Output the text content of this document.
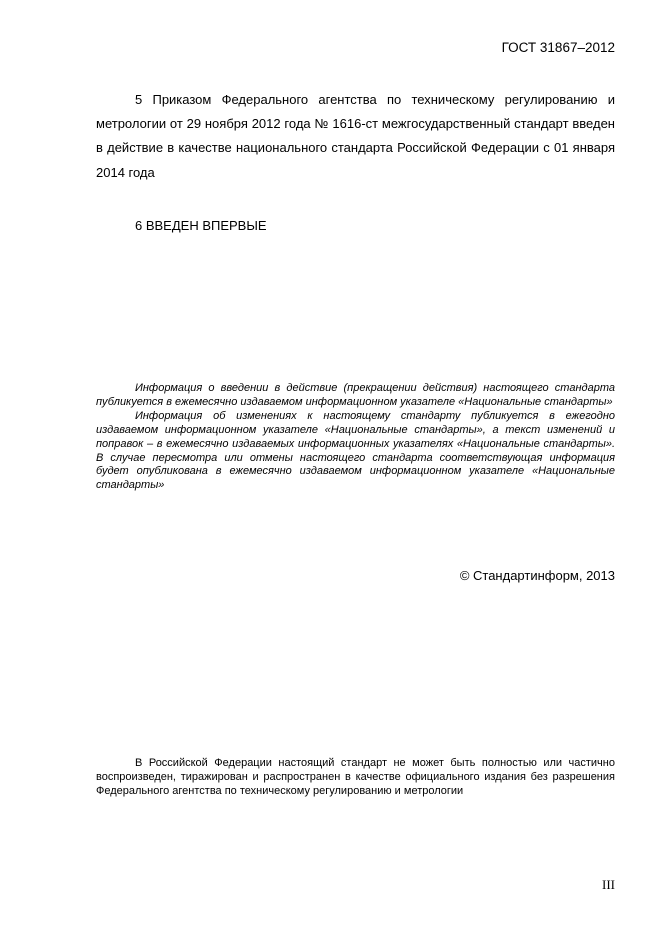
ГОСТ 31867–2012

5 Приказом Федерального агентства по техническому регулированию и метрологии от 29 ноября 2012 года № 1616-ст межгосударственный стандарт введен в действие в качестве национального стандарта Российской Федерации с 01 января 2014 года

6 ВВЕДЕН ВПЕРВЫЕ

Информация о введении в действие (прекращении действия) настоящего стандарта публикуется в ежемесячно издаваемом информационном указателе «Национальные стандарты»

Информация об изменениях к настоящему стандарту публикуется в ежегодно издаваемом информационном указателе «Национальные стандарты», а текст изменений и поправок – в ежемесячно издаваемых информационных указателях «Национальные стандарты». В случае пересмотра или отмены настоящего стандарта соответствующая информация будет опубликована в ежемесячно издаваемом информационном указателе «Национальные стандарты»

© Стандартинформ, 2013

В Российской Федерации настоящий стандарт не может быть полностью или частично воспроизведен, тиражирован и распространен в качестве официального издания без разрешения Федерального агентства по техническому регулированию и метрологии

III
